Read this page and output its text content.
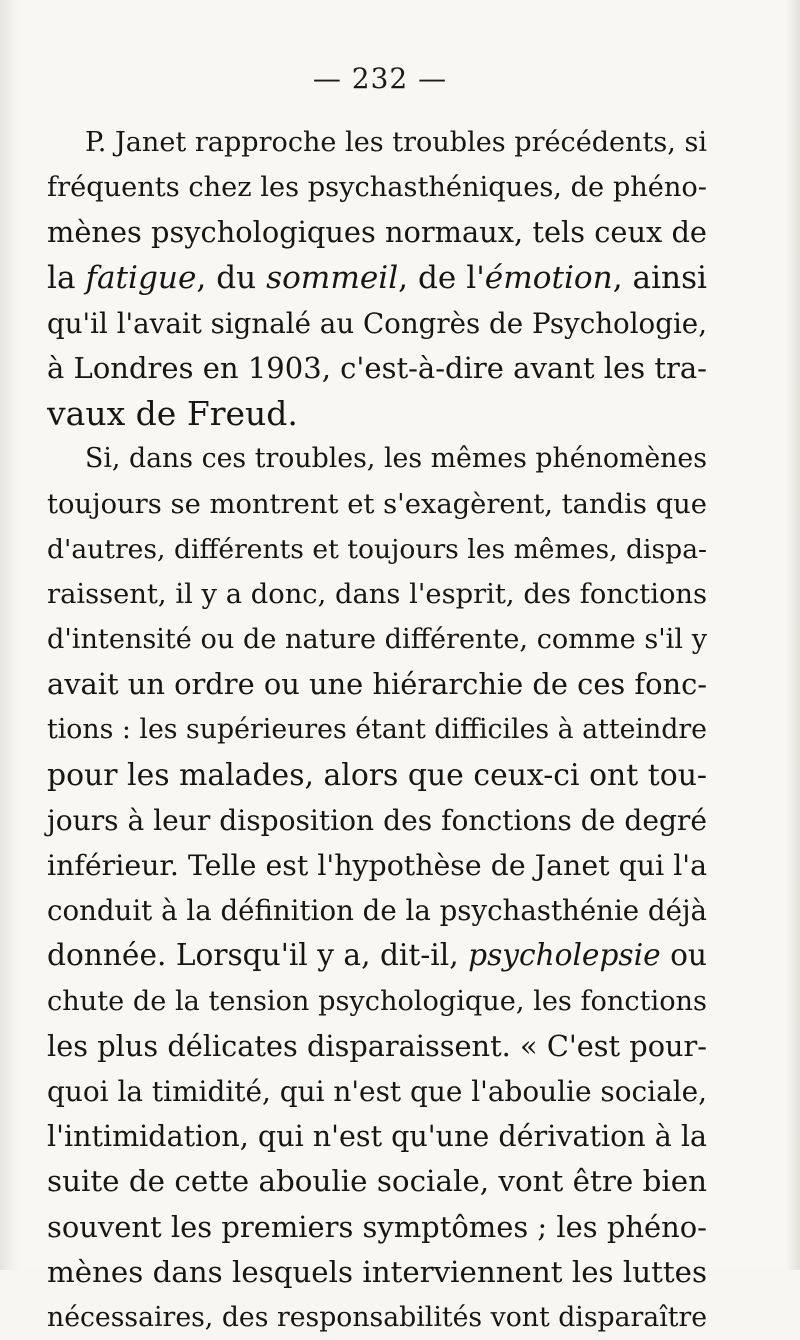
— 232 —
P. Janet rapproche les troubles précédents, si
fréquents chez les psychasthéniques, de phéno-
mènes psychologiques normaux, tels ceux de
la fatigue, du sommeil, de l'émotion, ainsi
qu'il l'avait signalé au Congrès de Psychologie,
à Londres en 1903, c'est-à-dire avant les tra-
vaux de Freud.
Si, dans ces troubles, les mêmes phénomènes
toujours se montrent et s'exagèrent, tandis que
d'autres, différents et toujours les mêmes, dispa-
raissent, il y a donc, dans l'esprit, des fonctions
d'intensité ou de nature différente, comme s'il y
avait un ordre ou une hiérarchie de ces fonc-
tions : les supérieures étant difficiles à atteindre
pour les malades, alors que ceux-ci ont tou-
jours à leur disposition des fonctions de degré
inférieur. Telle est l'hypothèse de Janet qui l'a
conduit à la définition de la psychasthénie déjà
donnée. Lorsqu'il y a, dit-il, psycholepsie ou
chute de la tension psychologique, les fonctions
les plus délicates disparaissent. « C'est pour-
quoi la timidité, qui n'est que l'aboulie sociale,
l'intimidation, qui n'est qu'une dérivation à la
suite de cette aboulie sociale, vont être bien
souvent les premiers symptômes ; les phéno-
mènes dans lesquels interviennent les luttes
nécessaires, des responsabilités vont disparaître
